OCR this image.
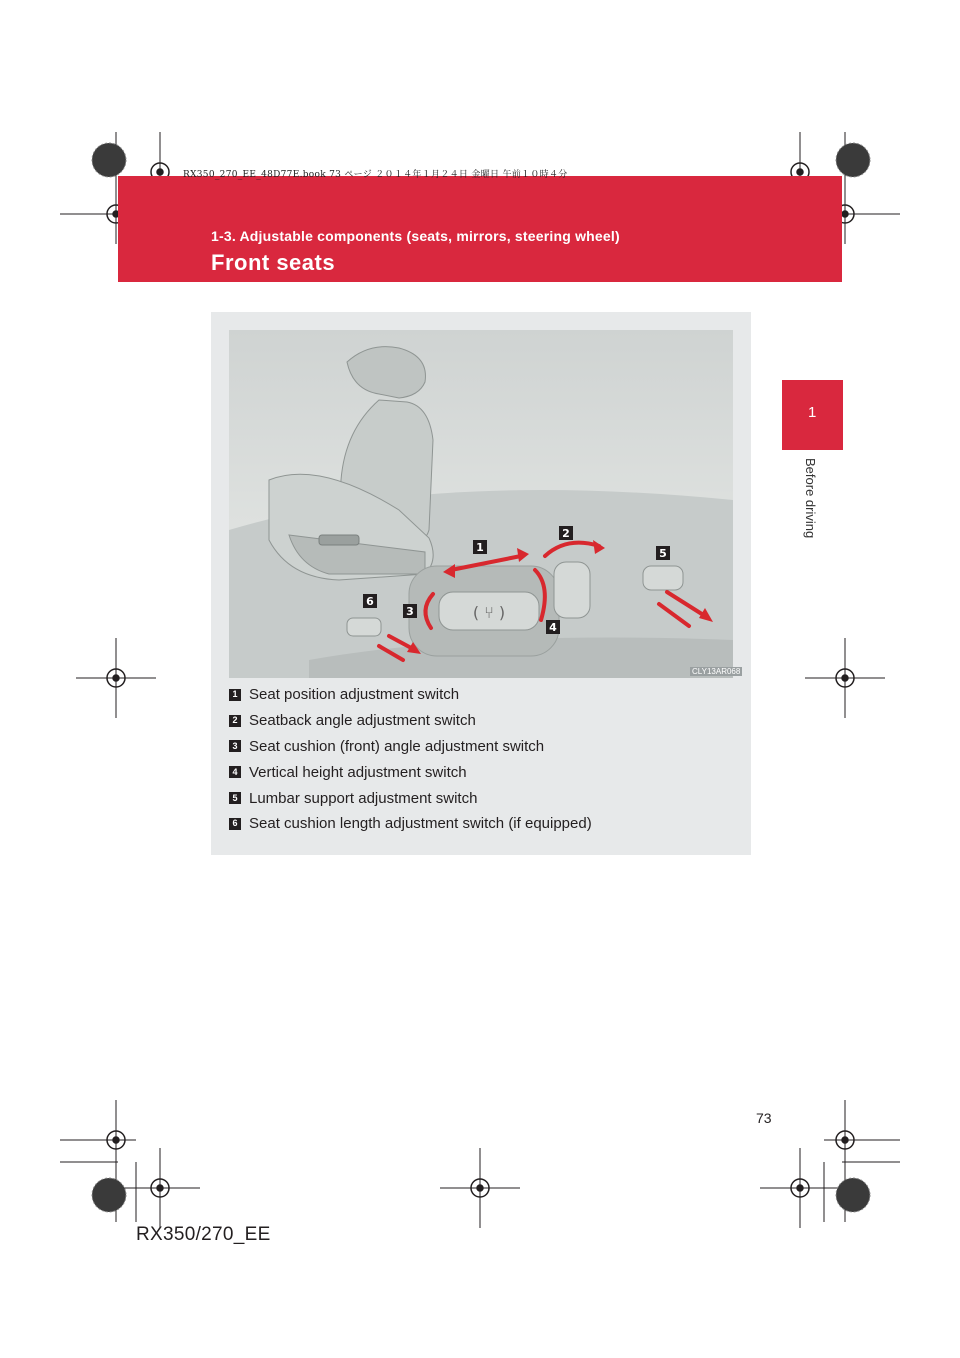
RX350_270_EE_48D77E.book 73 ページ ２０１４年１月２４日 金曜日 午前１０時４分
1-3. Adjustable components (seats, mirrors, steering wheel)
Front seats
1
Before driving
( ⑂ )
1
2
3
4
5
6
CLY13AR068
1 Seat position adjustment switch
2 Seatback angle adjustment switch
3 Seat cushion (front) angle adjustment switch
4 Vertical height adjustment switch
5 Lumbar support adjustment switch
6 Seat cushion length adjustment switch (if equipped)
73
RX350/270_EE
